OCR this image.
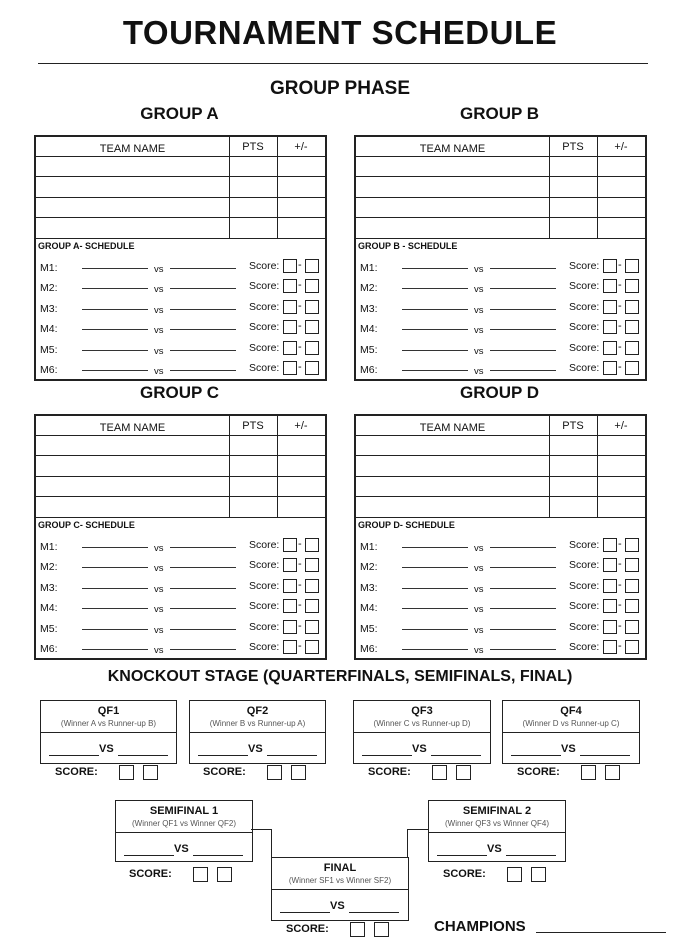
TOURNAMENT SCHEDULE
GROUP PHASE
GROUP A
TEAM NAME	PTS	+/-
GROUP A- SCHEDULE
M1:	vs	Score: -
M2:	vs	Score: -
M3:	vs	Score: -
M4:	vs	Score: -
M5:	vs	Score: -
M6:	vs	Score: -
GROUP B
TEAM NAME	PTS	+/-
GROUP B - SCHEDULE
M1:	vs	Score: -
M2:	vs	Score: -
M3:	vs	Score: -
M4:	vs	Score: -
M5:	vs	Score: -
M6:	vs	Score: -
GROUP C
TEAM NAME	PTS	+/-
GROUP C- SCHEDULE
M1:	vs	Score: -
M2:	vs	Score: -
M3:	vs	Score: -
M4:	vs	Score: -
M5:	vs	Score: -
M6:	vs	Score: -
GROUP D
TEAM NAME	PTS	+/-
GROUP D- SCHEDULE
M1:	vs	Score: -
M2:	vs	Score: -
M3:	vs	Score: -
M4:	vs	Score: -
M5:	vs	Score: -
M6:	vs	Score: -
KNOCKOUT STAGE (QUARTERFINALS, SEMIFINALS, FINAL)
QF1
(Winner A vs Runner-up B)
VS
SCORE:
QF2
(Winner B vs Runner-up A)
VS
SCORE:
QF3
(Winner C vs Runner-up D)
VS
SCORE:
QF4
(Winner D vs Runner-up C)
VS
SCORE:
SEMIFINAL 1
(Winner QF1 vs Winner QF2)
VS
SCORE:
SEMIFINAL 2
(Winner QF3 vs Winner QF4)
VS
SCORE:
FINAL
(Winner SF1 vs Winner SF2)
VS
SCORE:	CHAMPIONS
